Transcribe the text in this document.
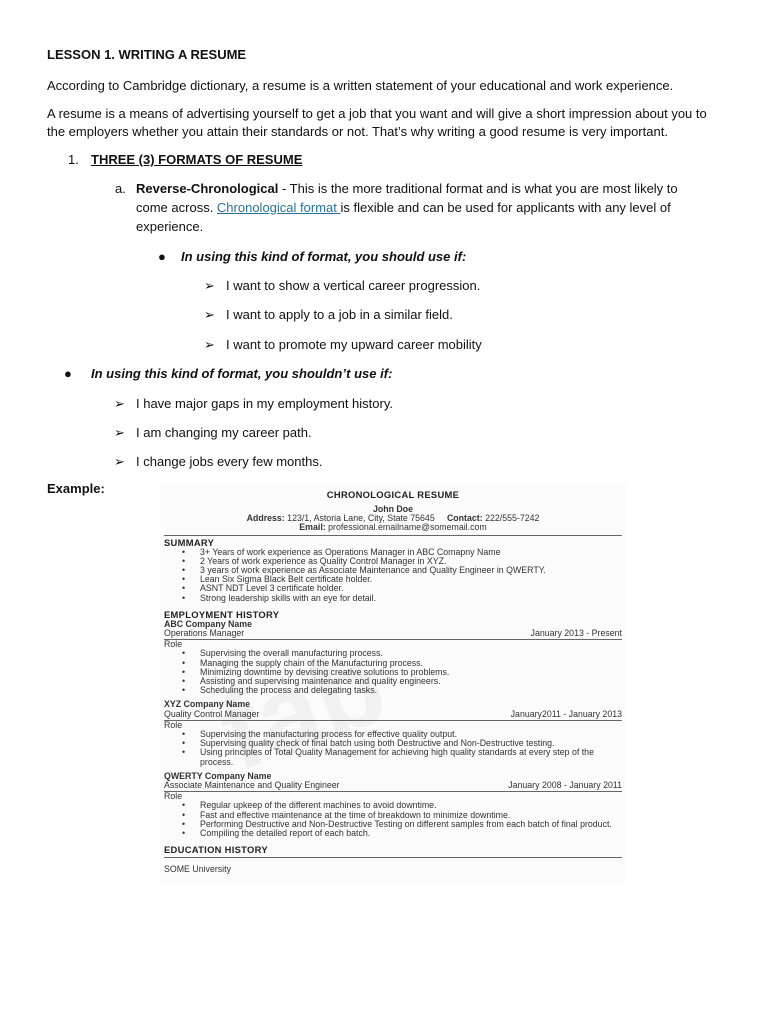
LESSON 1. WRITING A RESUME
According to Cambridge dictionary, a resume is a written statement of your educational and work experience.
A resume is a means of advertising yourself to get a job that you want and will give a short impression about you to
the employers whether you attain their standards or not. That’s why writing a good resume is very important.
1. THREE (3) FORMATS OF RESUME
a. Reverse-Chronological - This is the more traditional format and is what you are most likely to
come across. Chronological format is flexible and can be used for applicants with any level of
experience.
● In using this kind of format, you should use if:
● In using this kind of format, you shouldn’t use if:
Example:	CHRONOLOGICAL RESUME
John Doe
Address: 123/1, Astoria Lane, City, State 75645 Contact: 222/555-7242
Email: professional.emailname@somemail.com
SUMMARY
• 3+ Years of work experience as Operations Manager in ABC Comapny Name
• 2 Years of work experience as Quality Control Manager in XYZ.
• 3 years of work experience as Associate Maintenance and Quality Engineer in QWERTY.
• Lean Six Sigma Black Belt certificate holder.
• ASNT NDT Level 3 certificate holder.
• Strong leadership skills with an eye for detail.
EMPLOYMENT HISTORY
ABC Company Name
Operations Manager	January 2013 - Present
Role
• Supervising the overall manufacturing process.
• Managing the supply chain of the Manufacturing process.
• Minimizing downtime by devising creative solutions to problems.
• Assisting and supervising maintenance and quality engineers.
• Scheduling the process and delegating tasks.
XYZ Company Name
Quality Control Manager	January2011 - January 2013
Role
• Supervising the manufacturing process for effective quality output.
• Supervising quality check of final batch using both Destructive and Non-Destructive testing.
• Using principles of Total Quality Management for achieving high quality standards at every step of the process.
QWERTY Company Name
Associate Maintenance and Quality Engineer	January 2008 - January 2011
Role
• Regular upkeep of the different machines to avoid downtime.
• Fast and effective maintenance at the time of breakdown to minimize downtime.
• Performing Destructive and Non-Destructive Testing on different samples from each batch of final product.
• Compiling the detailed report of each batch.
EDUCATION HISTORY
SOME University
➢ I want to show a vertical career progression.
➢ I want to apply to a job in a similar field.
➢ I want to promote my upward career mobility
➢ I have major gaps in my employment history.
➢ I am changing my career path.
➢ I change jobs every few months.
